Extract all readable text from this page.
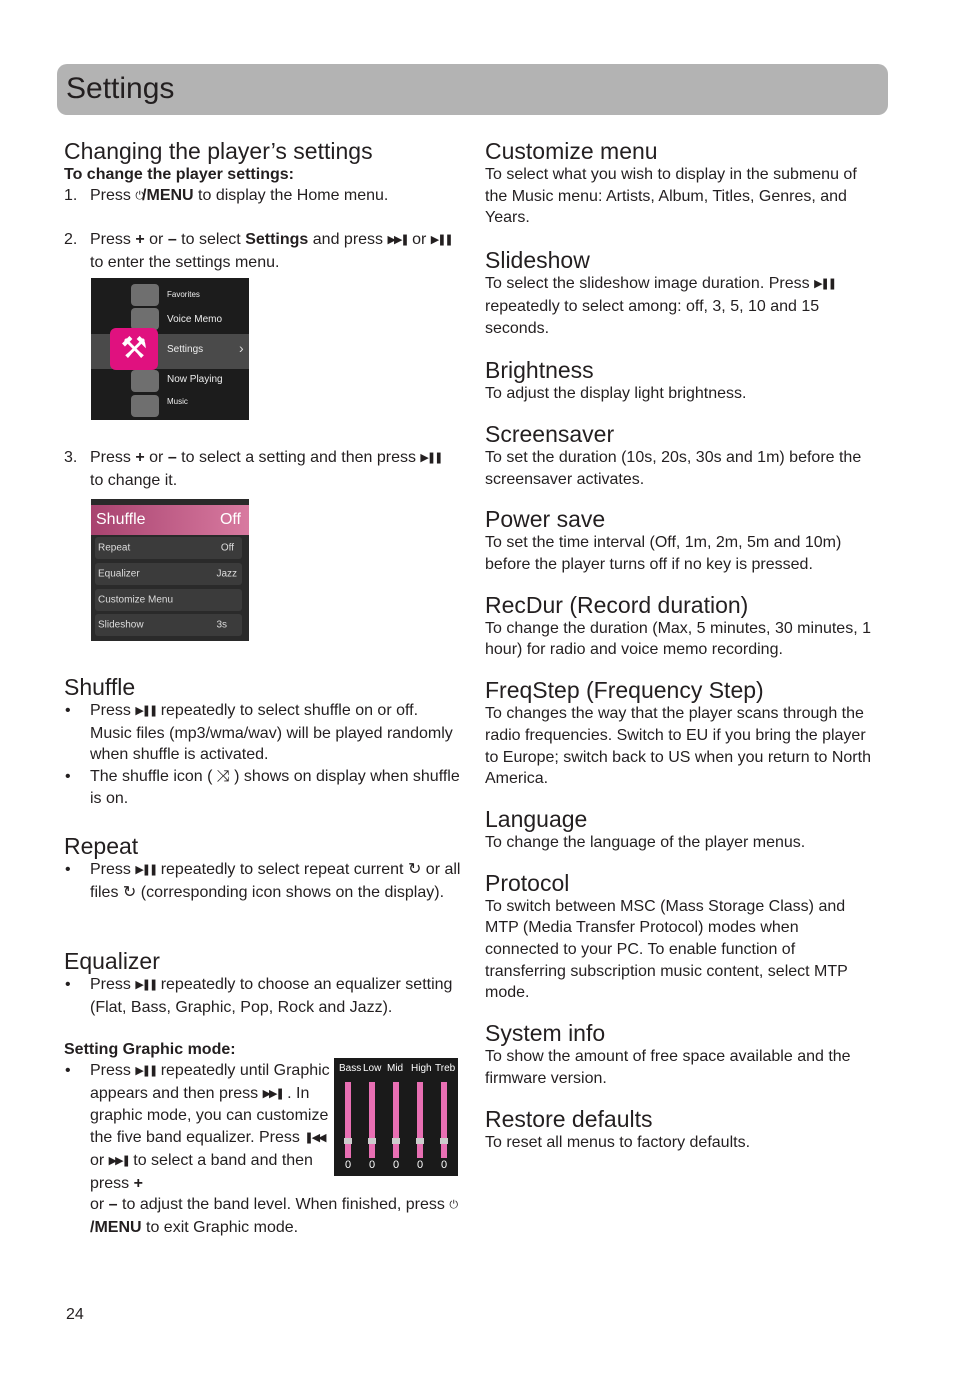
Settings
Changing the player’s settings
To change the player settings:
1. Press ⏻/MENU to display the Home menu.
2. Press + or – to select Settings and press ▶▶❚ or ▶❚❚
to enter the settings menu.
3. Press + or – to select a setting and then press ▶❚❚
to change it.
Shuffle
• Press ▶❚❚ repeatedly to select shuffle on or off. Music files (mp3/wma/wav) will be played randomly when shuffle is activated.
• The shuffle icon ( ⤨ ) shows on display when shuffle is on.
Repeat
• Press ▶❚❚ repeatedly to select repeat current ↻ or all files ↻ (corresponding icon shows on the display).
Equalizer
• Press ▶❚❚ repeatedly to choose an equalizer setting (Flat, Bass, Graphic, Pop, Rock and Jazz).
Setting Graphic mode:
• Press ▶❚❚ repeatedly until Graphic appears and then press ▶▶❚ . In graphic mode, you can customize the five band equalizer. Press ❚◀◀ or ▶▶❚ to select a band and then press +
or – to adjust the band level. When finished, press ⏻/MENU to exit Graphic mode.
⚒
Favorites
Voice Memo
Settings	›
Now Playing
Music
Shuffle	Off
Repeat	Off
Equalizer	Jazz
Customize Menu
Slideshow	3s
Bass Low Mid High Treb
0 0 0 0 0
Customize menu

To select what you wish to display in the submenu of the Music menu: Artists, Album, Titles, Genres, and Years.

Slideshow

To select the slideshow image duration. Press ▶❚❚ repeatedly to select among: off, 3, 5, 10 and 15 seconds.

Brightness

To adjust the display light brightness.

Screensaver

To set the duration (10s, 20s, 30s and 1m) before the screensaver activates.

Power save

To set the time interval (Off, 1m, 2m, 5m and 10m) before the player turns off if no key is pressed.

RecDur (Record duration)

To change the duration (Max, 5 minutes, 30 minutes, 1 hour) for radio and voice memo recording.

FreqStep (Frequency Step)

To changes the way that the player scans through the radio frequencies. Switch to EU if you bring the player to Europe; switch back to US when you return to North America.

Language

To change the language of the player menus.

Protocol

To switch between MSC (Mass Storage Class) and MTP (Media Transfer Protocol) modes when connected to your PC. To enable function of transferring subscription music content, select MTP mode.

System info

To show the amount of free space available and the firmware version.

Restore defaults

To reset all menus to factory defaults.

24
